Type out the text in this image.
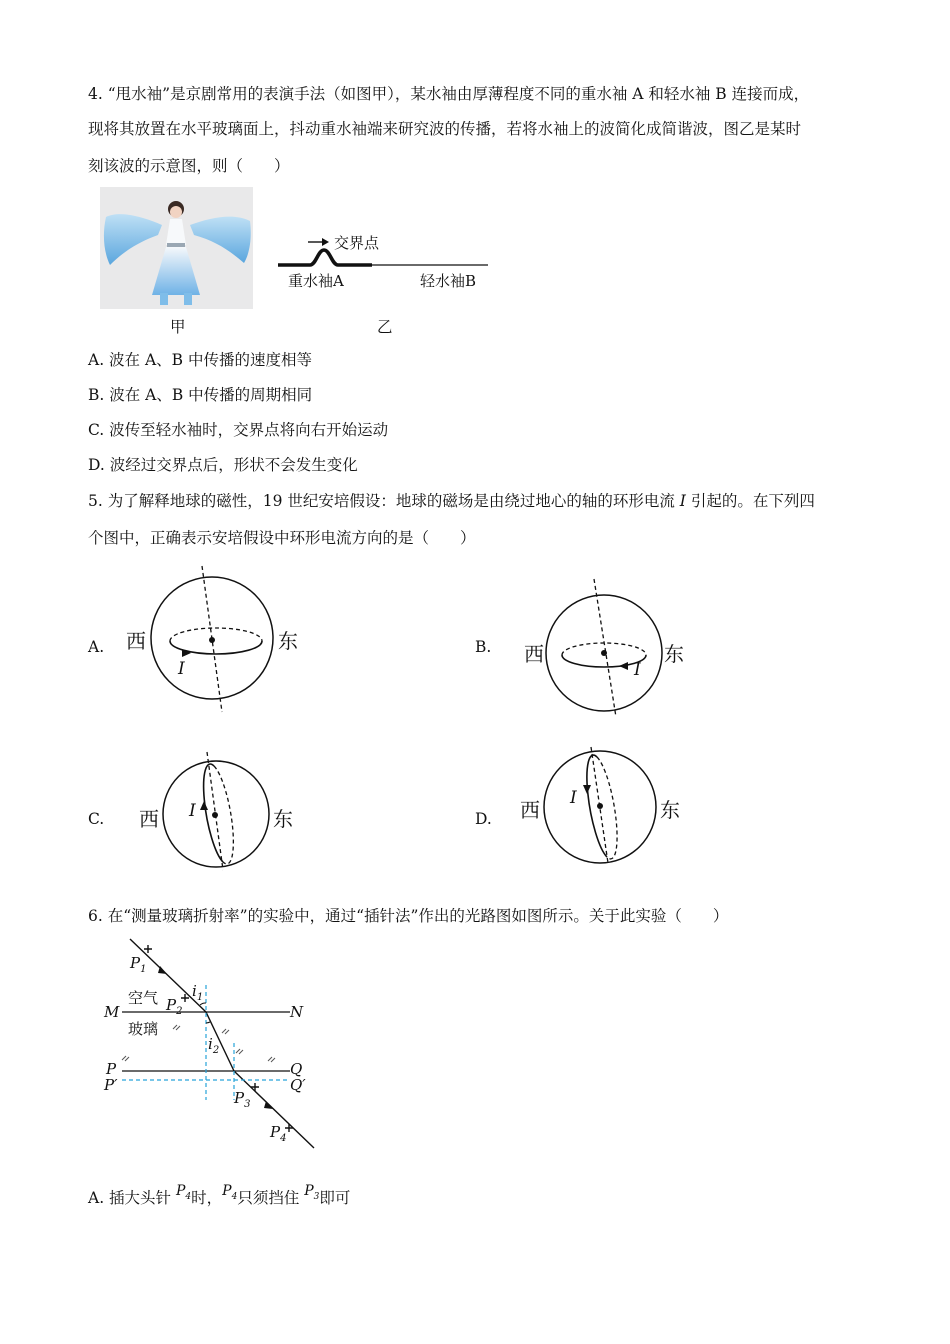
4. “甩水袖”是京剧常用的表演手法（如图甲），某水袖由厚薄程度不同的重水袖 A 和轻水袖 B 连接而成，
现将其放置在水平玻璃面上，抖动重水袖端来研究波的传播，若将水袖上的波简化成简谐波，图乙是某时
刻该波的示意图，则（　　）
甲
交界点
重水袖A	轻水袖B
乙
A. 波在 A、B 中传播的速度相等
B. 波在 A、B 中传播的周期相同
C. 波传至轻水袖时，交界点将向右开始运动
D. 波经过交界点后，形状不会发生变化
5. 为了解释地球的磁性，19 世纪安培假设：地球的磁场是由绕过地心的轴的环形电流 I 引起的。在下列四
个图中，正确表示安培假设中环形电流方向的是（　　）
A. 西	东
I
B. 西	东
I
C. 西	东
I	D. 西	东
I
6. 在“测量玻璃折射率”的实验中，通过“插针法”作出的光路图如图所示。关于此实验（　　）
$P_1$
$P_2$
$i_1$
$i_2$
空气
玻璃
M	N
P
P′
Q
Q′
$P_3$
$P_4$
A. 插大头针 $P_4$时，$P_4$只须挡住 $P_3$即可
